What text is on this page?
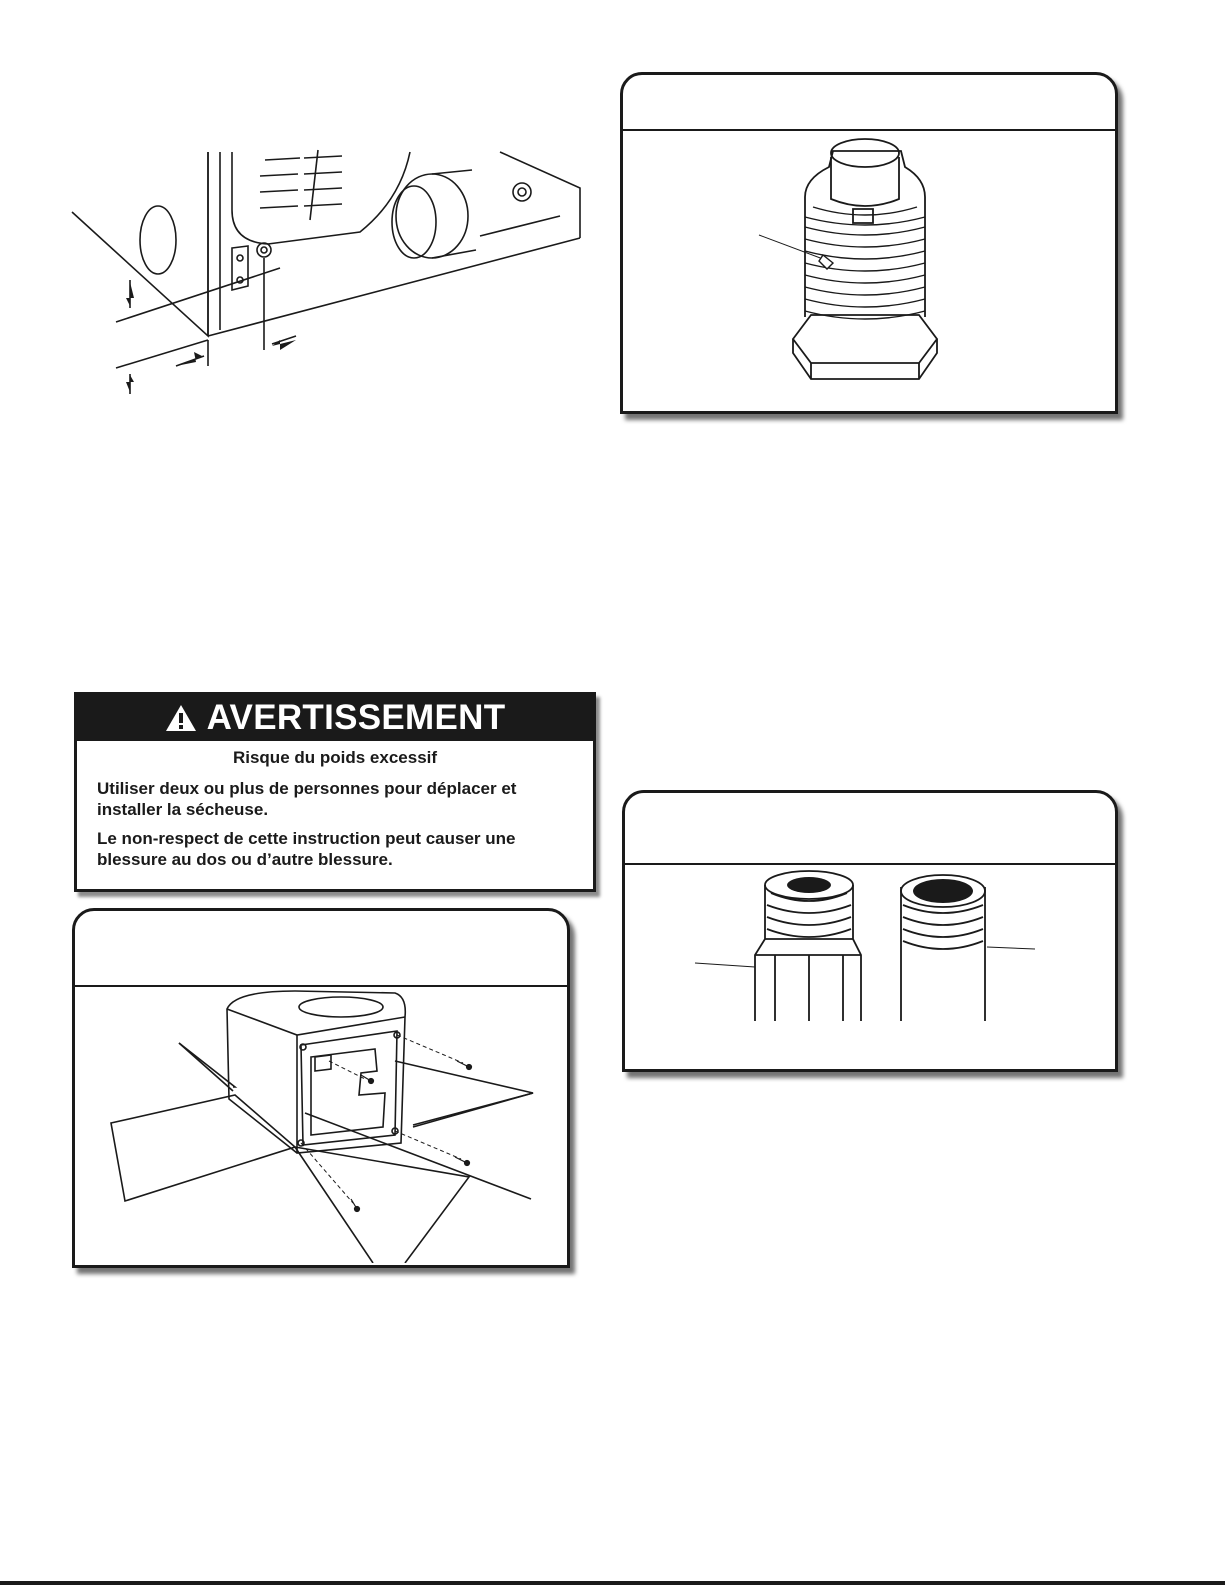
AVERTISSEMENT
Risque du poids excessif

Utiliser deux ou plus de personnes pour déplacer et installer la sécheuse.

Le non-respect de cette instruction peut causer une blessure au dos ou d’autre blessure.
